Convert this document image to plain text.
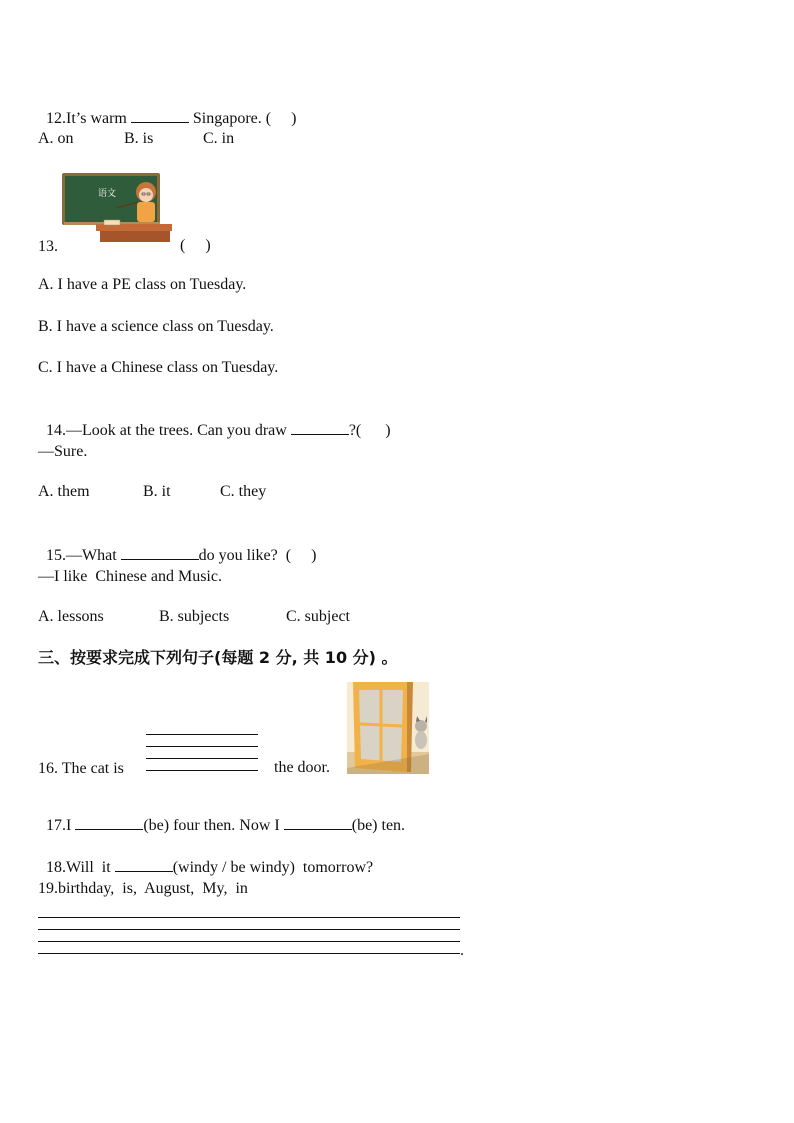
12.It’s warm	Singapore. (     )

A. on	B. is	C. in
语文
13.	(     )
A. I have a PE class on Tuesday.
B. I have a science class on Tuesday.
C. I have a Chinese class on Tuesday.

14.—Look at the trees. Can you draw	?(      )

—Sure.
A. them	B. it	C. they

15.—What	do you like?  (     )

—I like  Chinese and Music.
A. lessons	B. subjects	C. subject
三、按要求完成下列句子(每题 2 分, 共 10 分) 。
16. The cat is	the door.

17.I	(be) four then. Now I	(be) ten.

18.Will  it	(windy / be windy)  tomorrow?

19.birthday,  is,  August,  My,  in
.
